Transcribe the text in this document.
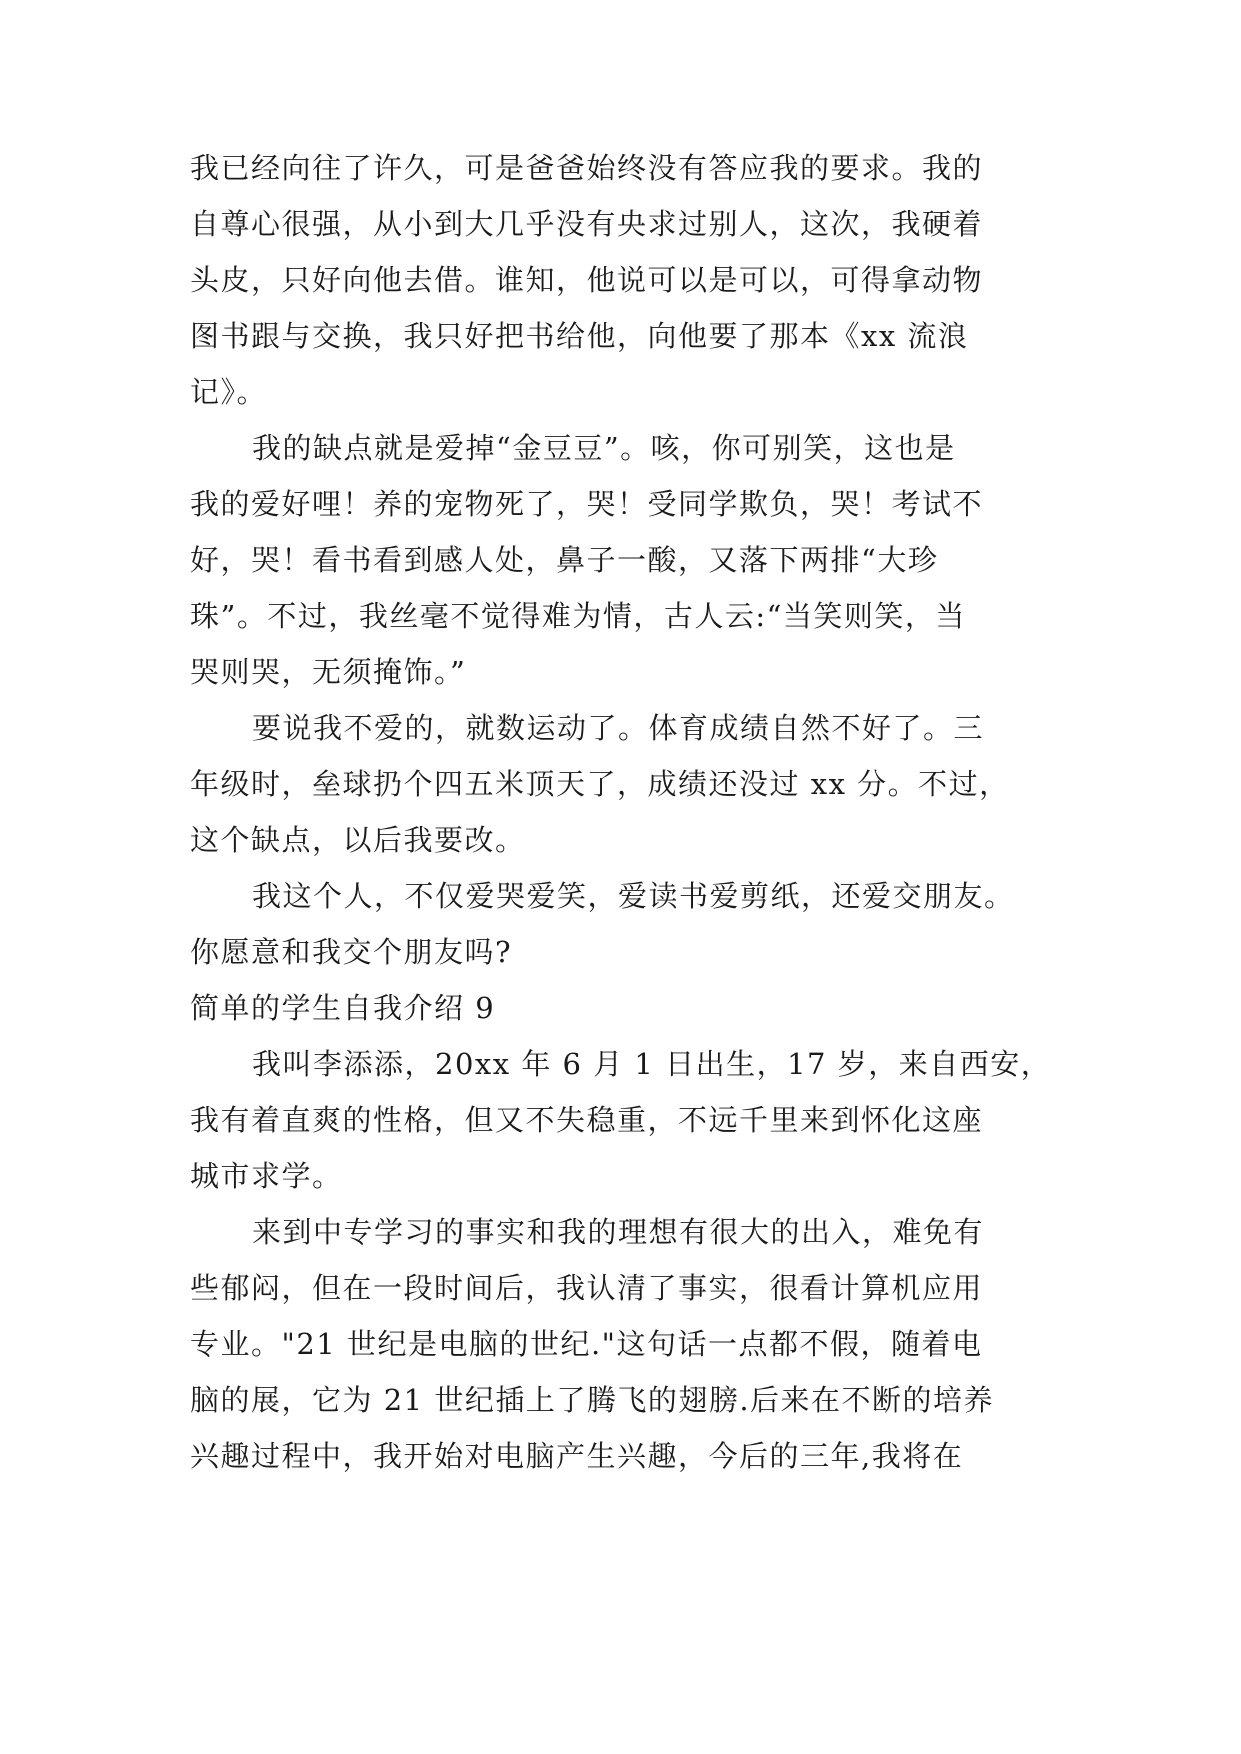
我已经向往了许久，可是爸爸始终没有答应我的要求。我的
自尊心很强，从小到大几乎没有央求过别人，这次，我硬着
头皮，只好向他去借。谁知，他说可以是可以，可得拿动物
图书跟与交换，我只好把书给他，向他要了那本《xx 流浪
记》。
我的缺点就是爱掉“金豆豆”。咳，你可别笑，这也是
我的爱好哩！养的宠物死了，哭！受同学欺负，哭！考试不
好，哭！看书看到感人处，鼻子一酸，又落下两排“大珍
珠”。不过，我丝毫不觉得难为情，古人云:“当笑则笑，当
哭则哭，无须掩饰。”
要说我不爱的，就数运动了。体育成绩自然不好了。三
年级时，垒球扔个四五米顶天了，成绩还没过 xx 分。不过，
这个缺点，以后我要改。
我这个人，不仅爱哭爱笑，爱读书爱剪纸，还爱交朋友。
你愿意和我交个朋友吗?
简单的学生自我介绍 9
我叫李添添，20xx 年 6 月 1 日出生，17 岁，来自西安，
我有着直爽的性格，但又不失稳重，不远千里来到怀化这座
城市求学。
来到中专学习的事实和我的理想有很大的出入，难免有
些郁闷，但在一段时间后，我认清了事实，很看计算机应用
专业。"21 世纪是电脑的世纪."这句话一点都不假，随着电
脑的展，它为 21 世纪插上了腾飞的翅膀.后来在不断的培养
兴趣过程中，我开始对电脑产生兴趣，今后的三年,我将在
